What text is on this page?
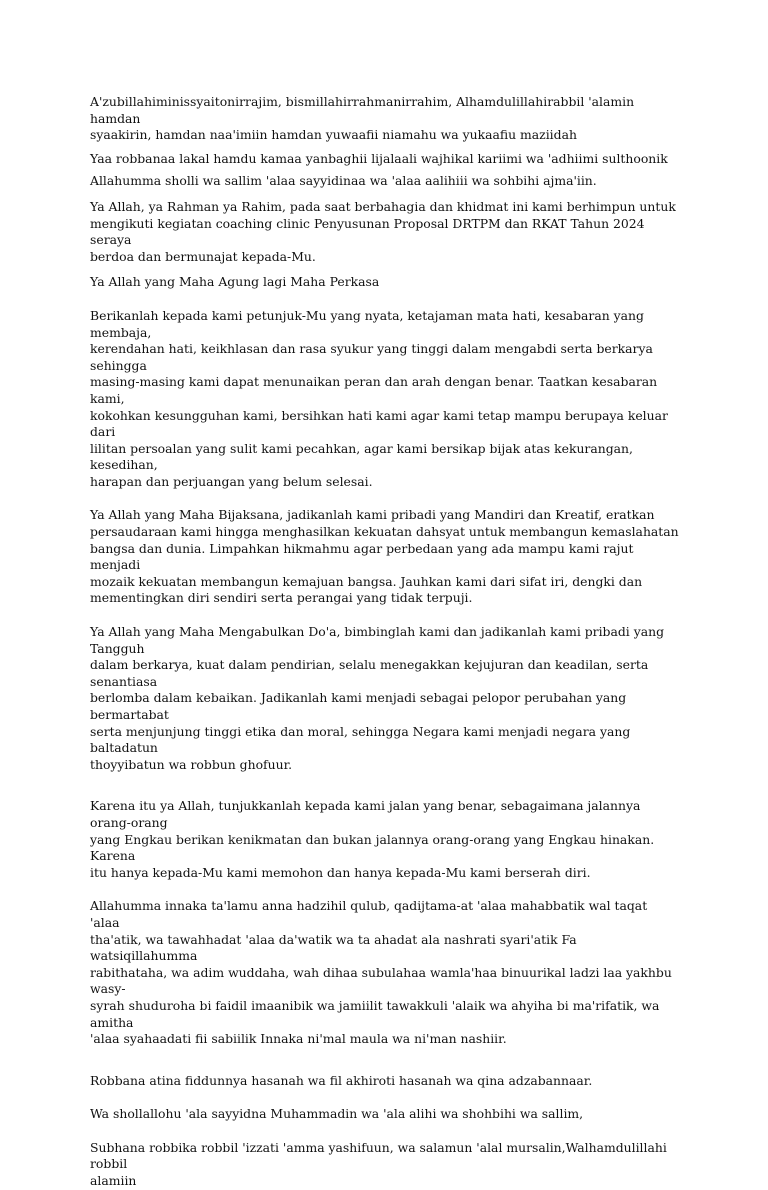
A'zubillahiminissyaitonirrajim, bismillahirrahmanirrahim, Alhamdulillahirabbil 'alamin hamdan
syaakirin, hamdan naa'imiin hamdan yuwaafii niamahu wa yukaafiu maziidah

Yaa robbanaa lakal hamdu kamaa yanbaghii lijalaali wajhikal kariimi wa 'adhiimi sulthoonik

Allahumma sholli wa sallim 'alaa sayyidinaa wa 'alaa aalihiii wa sohbihi ajma'iin.

Ya Allah, ya Rahman ya Rahim, pada saat berbahagia dan khidmat ini kami berhimpun untuk
mengikuti kegiatan coaching clinic Penyusunan Proposal DRTPM dan RKAT Tahun 2024 seraya
berdoa dan bermunajat kepada-Mu.

Ya Allah yang Maha Agung lagi Maha Perkasa

Berikanlah kepada kami petunjuk-Mu yang nyata, ketajaman mata hati, kesabaran yang membaja,
kerendahan hati, keikhlasan dan rasa syukur yang tinggi dalam mengabdi serta berkarya sehingga
masing-masing kami dapat menunaikan peran dan arah dengan benar. Taatkan kesabaran kami,
kokohkan kesungguhan kami, bersihkan hati kami agar kami tetap mampu berupaya keluar dari
lilitan persoalan yang sulit kami pecahkan, agar kami bersikap bijak atas kekurangan, kesedihan,
harapan dan perjuangan yang belum selesai.

Ya Allah yang Maha Bijaksana, jadikanlah kami pribadi yang Mandiri dan Kreatif, eratkan
persaudaraan kami hingga menghasilkan kekuatan dahsyat untuk membangun kemaslahatan
bangsa dan dunia. Limpahkan hikmahmu agar perbedaan yang ada mampu kami rajut menjadi
mozaik kekuatan membangun kemajuan bangsa. Jauhkan kami dari sifat iri, dengki dan
mementingkan diri sendiri serta perangai yang tidak terpuji.

Ya Allah yang Maha Mengabulkan Do'a, bimbinglah kami dan jadikanlah kami pribadi yang Tangguh
dalam berkarya, kuat dalam pendirian, selalu menegakkan kejujuran dan keadilan, serta senantiasa
berlomba dalam kebaikan. Jadikanlah kami menjadi sebagai pelopor perubahan yang bermartabat
serta menjunjung tinggi etika dan moral, sehingga Negara kami menjadi negara yang baltadatun
thoyyibatun wa robbun ghofuur.

Karena itu ya Allah, tunjukkanlah kepada kami jalan yang benar, sebagaimana jalannya orang-orang
yang Engkau berikan kenikmatan dan bukan jalannya orang-orang yang Engkau hinakan. Karena
itu hanya kepada-Mu kami memohon dan hanya kepada-Mu kami berserah diri.

Allahumma innaka ta'lamu anna hadzihil qulub, qadijtama-at 'alaa mahabbatik wal taqat 'alaa
tha'atik, wa tawahhadat 'alaa da'watik wa ta ahadat ala nashrati syari'atik Fa watsiqillahumma
rabithataha, wa adim wuddaha, wah dihaa subulahaa wamla'haa binuurikal ladzi laa yakhbu wasy-
syrah shuduroha bi faidil imaanibik wa jamiilit tawakkuli 'alaik wa ahyiha bi ma'rifatik, wa amitha
'alaa syahaadati fii sabiilik Innaka ni'mal maula wa ni'man nashiir.

Robbana atina fiddunnya hasanah wa fil akhiroti hasanah wa qina adzabannaar.

Wa shollallohu 'ala sayyidna Muhammadin wa 'ala alihi wa shohbihi wa sallim,

Subhana robbika robbil 'izzati 'amma yashifuun, wa salamun 'alal mursalin,Walhamdulillahi robbil
alamiin
